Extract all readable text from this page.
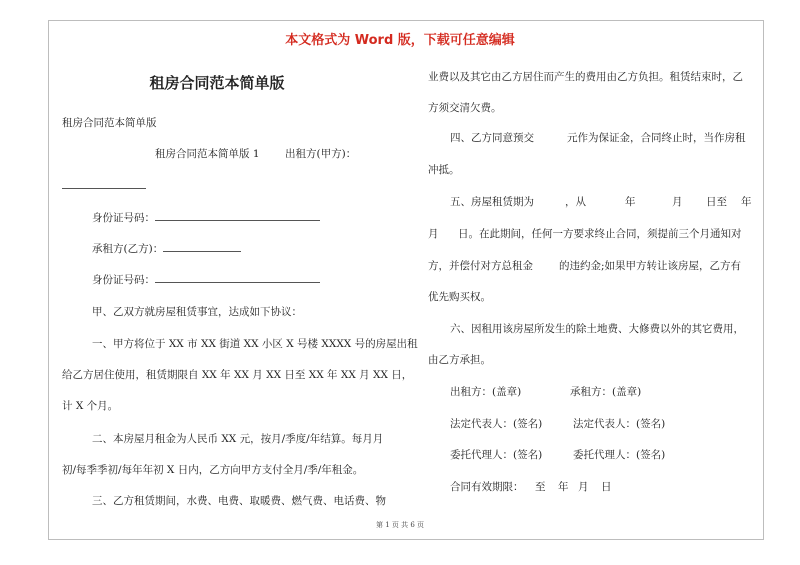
本文格式为 Word 版，下载可任意编辑
租房合同范本简单版
租房合同范本简单版
租房合同范本简单版 1 出租方(甲方)：
身份证号码：
承租方(乙方)：
身份证号码：
甲、乙双方就房屋租赁事宜，达成如下协议：
一、甲方将位于 XX 市 XX 街道 XX 小区 X 号楼 XXXX 号的房屋出租
给乙方居住使用，租赁期限自 XX 年 XX 月 XX 日至 XX 年 XX 月 XX 日，
计 X 个月。
二、本房屋月租金为人民币 XX 元，按月/季度/年结算。每月月
初/每季季初/每年年初 X 日内，乙方向甲方支付全月/季/年租金。
三、乙方租赁期间，水费、电费、取暖费、燃气费、电话费、物
业费以及其它由乙方居住而产生的费用由乙方负担。租赁结束时，乙
方须交清欠费。
四、乙方同意预交	元作为保证金，合同终止时，当作房租
冲抵。
五、房屋租赁期为	，从	年	月 日至 年
月 日。在此期间，任何一方要求终止合同，须提前三个月通知对
方，并偿付对方总租金 的违约金;如果甲方转让该房屋，乙方有
优先购买权。
六、因租用该房屋所发生的除土地费、大修费以外的其它费用，
由乙方承担。
出租方：(盖章)	承租方：(盖章)
法定代表人：(签名)	法定代表人：(签名)
委托代理人：(签名)	委托代理人：(签名)
合同有效期限： 至 年 月 日
第 1 页 共 6 页
